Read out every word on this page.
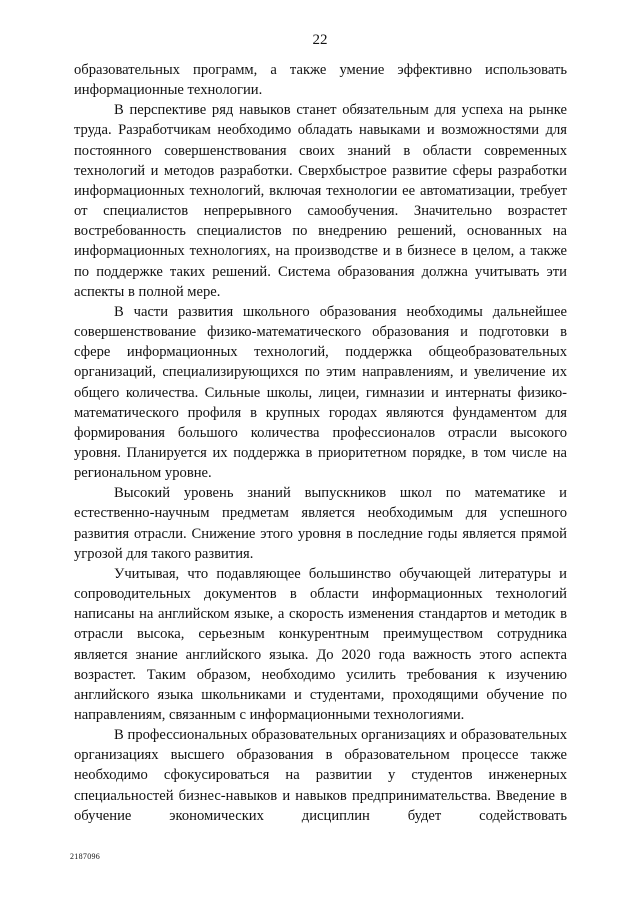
22

образовательных программ, а также умение эффективно использовать информационные технологии.

В перспективе ряд навыков станет обязательным для успеха на рынке труда. Разработчикам необходимо обладать навыками и возможностями для постоянного совершенствования своих знаний в области современных технологий и методов разработки. Сверхбыстрое развитие сферы разработки информационных технологий, включая технологии ее автоматизации, требует от специалистов непрерывного самообучения. Значительно возрастет востребованность специалистов по внедрению решений, основанных на информационных технологиях, на производстве и в бизнесе в целом, а также по поддержке таких решений. Система образования должна учитывать эти аспекты в полной мере.

В части развития школьного образования необходимы дальнейшее совершенствование физико-математического образования и подготовки в сфере информационных технологий, поддержка общеобразовательных организаций, специализирующихся по этим направлениям, и увеличение их общего количества. Сильные школы, лицеи, гимназии и интернаты физико-математического профиля в крупных городах являются фундаментом для формирования большого количества профессионалов отрасли высокого уровня. Планируется их поддержка в приоритетном порядке, в том числе на региональном уровне.

Высокий уровень знаний выпускников школ по математике и естественно-научным предметам является необходимым для успешного развития отрасли. Снижение этого уровня в последние годы является прямой угрозой для такого развития.

Учитывая, что подавляющее большинство обучающей литературы и сопроводительных документов в области информационных технологий написаны на английском языке, а скорость изменения стандартов и методик в отрасли высока, серьезным конкурентным преимуществом сотрудника является знание английского языка. До 2020 года важность этого аспекта возрастет. Таким образом, необходимо усилить требования к изучению английского языка школьниками и студентами, проходящими обучение по направлениям, связанным с информационными технологиями.

В профессиональных образовательных организациях и образовательных организациях высшего образования в образовательном процессе также необходимо сфокусироваться на развитии у студентов инженерных специальностей бизнес-навыков и навыков предпринимательства. Введение в обучение экономических дисциплин будет содействовать

2187096
